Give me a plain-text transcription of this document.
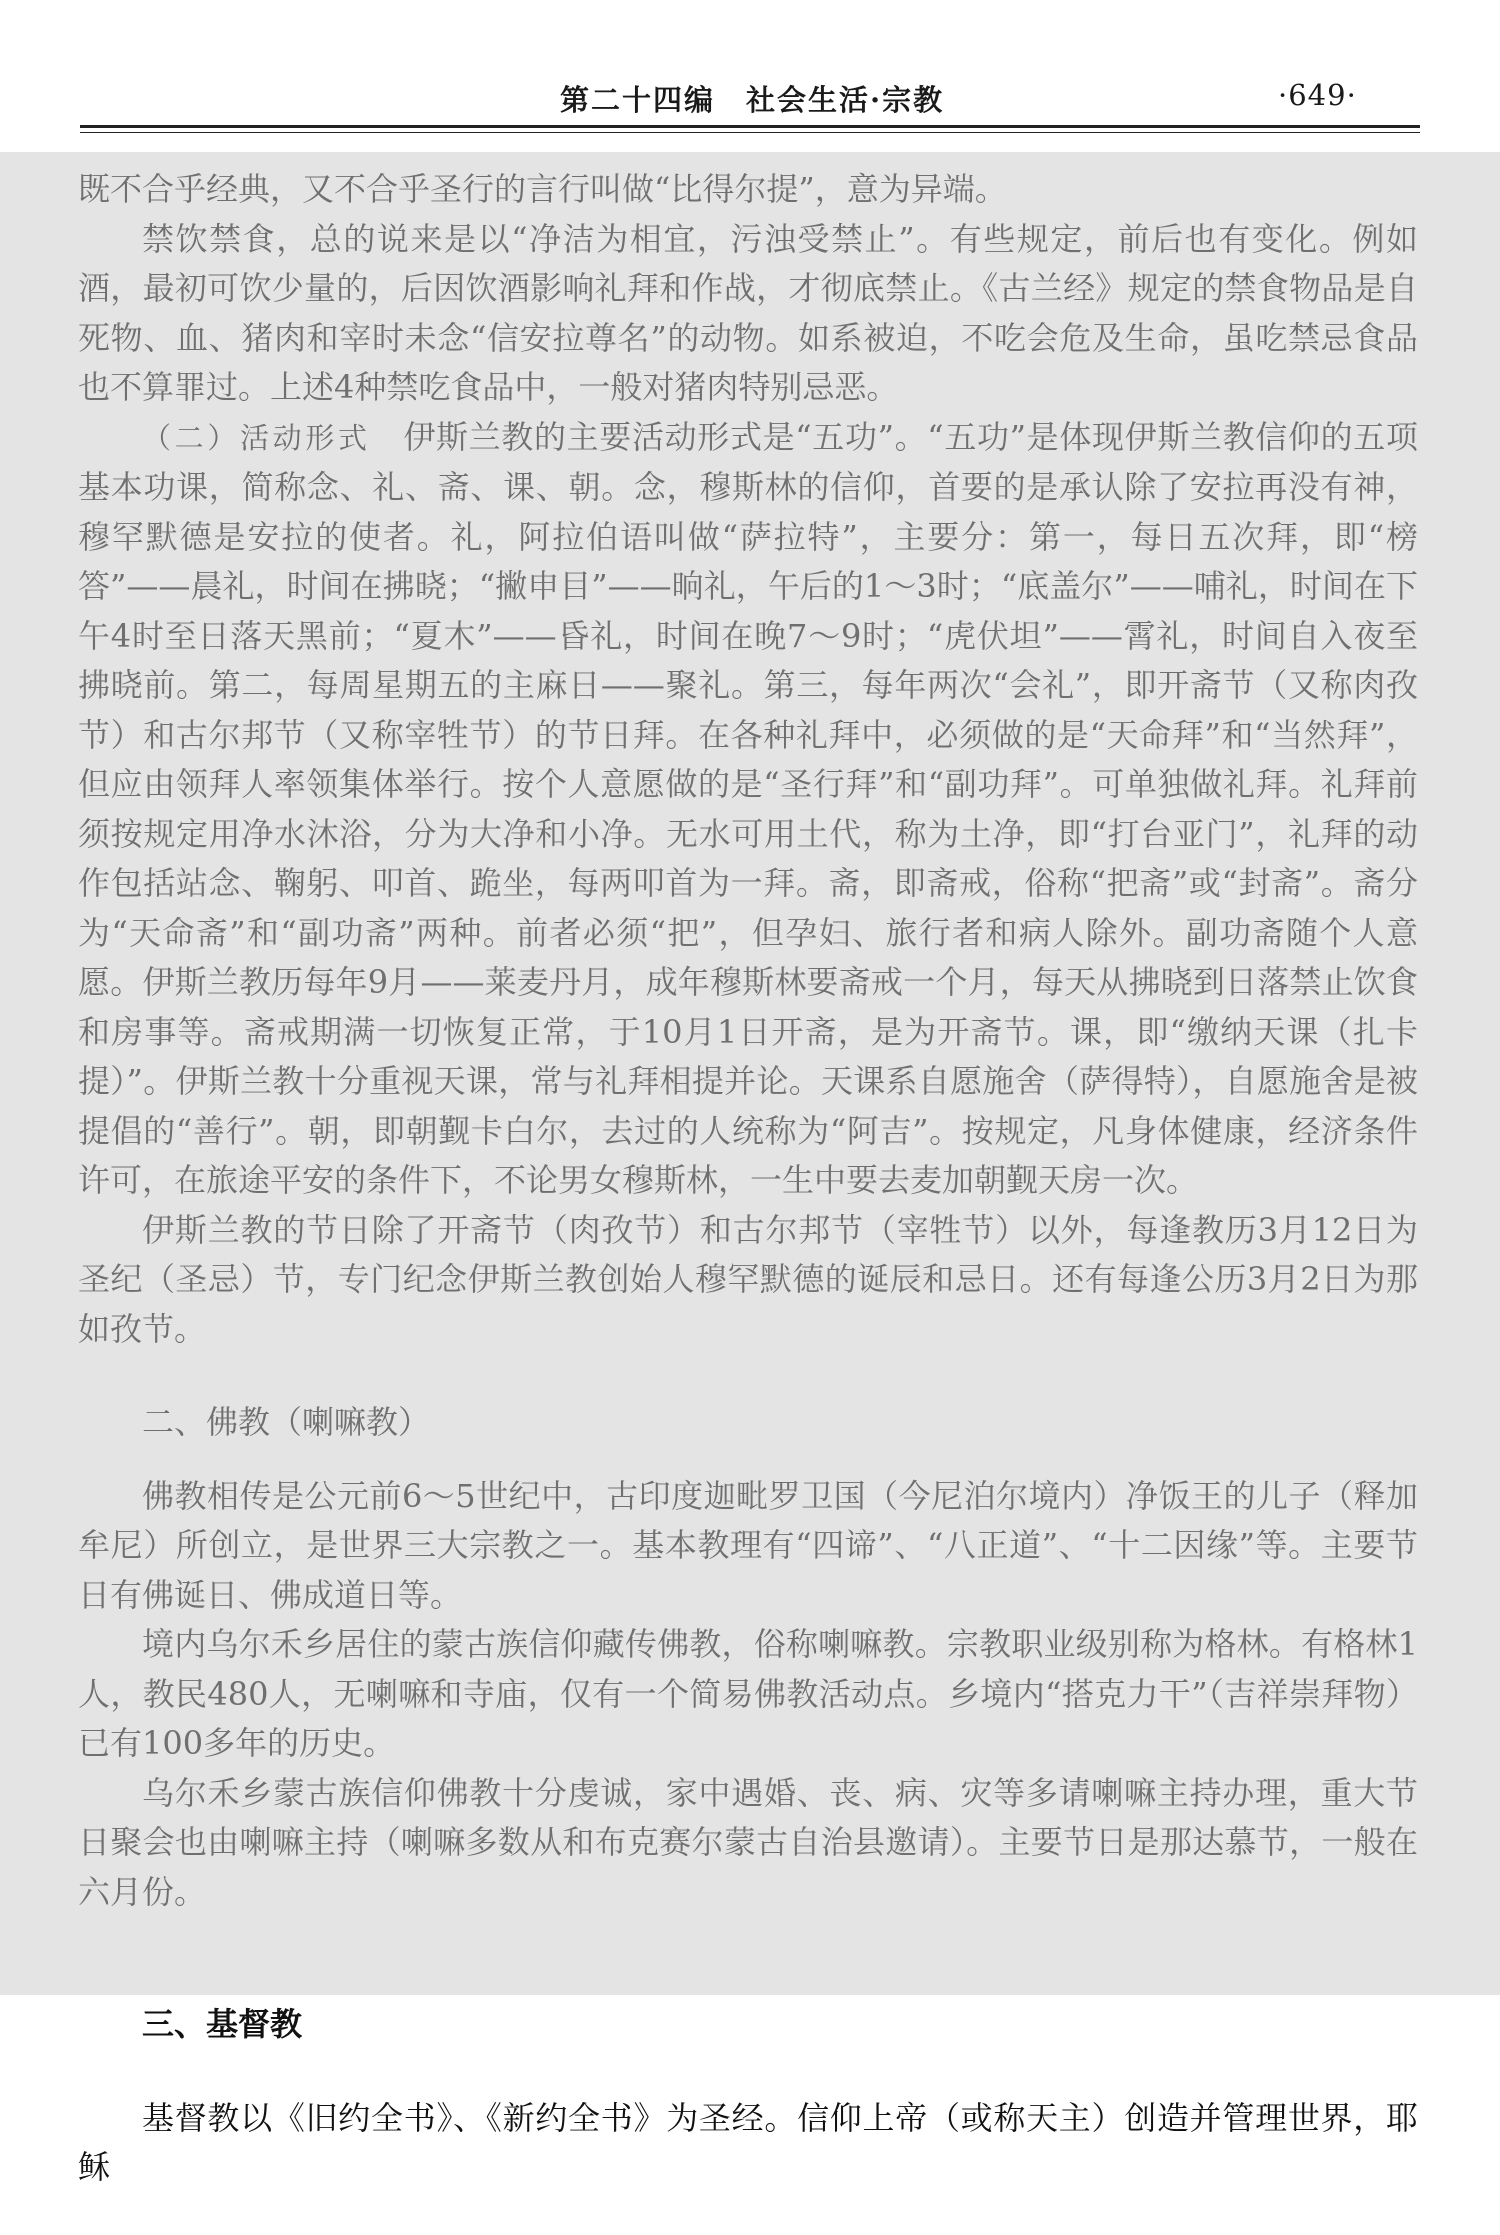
第二十四编　社会生活·宗教	·649·

既不合乎经典，又不合乎圣行的言行叫做“比得尔提”，意为异端。

禁饮禁食，总的说来是以“净洁为相宜，污浊受禁止”。有些规定，前后也有变化。例如酒，最初可饮少量的，后因饮酒影响礼拜和作战，才彻底禁止。《古兰经》规定的禁食物品是自死物、血、猪肉和宰时未念“信安拉尊名”的动物。如系被迫，不吃会危及生命，虽吃禁忌食品也不算罪过。上述4种禁吃食品中，一般对猪肉特别忌恶。

（二）活动形式　 伊斯兰教的主要活动形式是“五功”。“五功”是体现伊斯兰教信仰的五项基本功课，简称念、礼、斋、课、朝。念，穆斯林的信仰，首要的是承认除了安拉再没有神，穆罕默德是安拉的使者。礼，阿拉伯语叫做“萨拉特”，主要分：第一，每日五次拜，即“榜答”——晨礼，时间在拂晓；“撇申目”——晌礼，午后的1～3时；“底盖尔”——哺礼，时间在下午4时至日落天黑前；“夏木”——昏礼，时间在晚7～9时；“虎伏坦”——霄礼，时间自入夜至拂晓前。第二，每周星期五的主麻日——聚礼。第三，每年两次“会礼”，即开斋节（又称肉孜节）和古尔邦节（又称宰牲节）的节日拜。在各种礼拜中，必须做的是“天命拜”和“当然拜”，但应由领拜人率领集体举行。按个人意愿做的是“圣行拜”和“副功拜”。可单独做礼拜。礼拜前须按规定用净水沐浴，分为大净和小净。无水可用土代，称为土净，即“打台亚门”，礼拜的动作包括站念、鞠躬、叩首、跪坐，每两叩首为一拜。斋，即斋戒，俗称“把斋”或“封斋”。斋分为“天命斋”和“副功斋”两种。前者必须“把”，但孕妇、旅行者和病人除外。副功斋随个人意愿。伊斯兰教历每年9月——莱麦丹月，成年穆斯林要斋戒一个月，每天从拂晓到日落禁止饮食和房事等。斋戒期满一切恢复正常，于10月1日开斋，是为开斋节。课，即“缴纳天课（扎卡提）”。伊斯兰教十分重视天课，常与礼拜相提并论。天课系自愿施舍（萨得特），自愿施舍是被提倡的“善行”。朝，即朝觐卡白尔，去过的人统称为“阿吉”。按规定，凡身体健康，经济条件许可，在旅途平安的条件下，不论男女穆斯林，一生中要去麦加朝觐天房一次。

伊斯兰教的节日除了开斋节（肉孜节）和古尔邦节（宰牲节）以外，每逢教历3月12日为圣纪（圣忌）节，专门纪念伊斯兰教创始人穆罕默德的诞辰和忌日。还有每逢公历3月2日为那如孜节。

二、佛教（喇嘛教）

佛教相传是公元前6～5世纪中，古印度迦毗罗卫国（今尼泊尔境内）净饭王的儿子（释加牟尼）所创立，是世界三大宗教之一。基本教理有“四谛”、“八正道”、“十二因缘”等。主要节日有佛诞日、佛成道日等。

境内乌尔禾乡居住的蒙古族信仰藏传佛教，俗称喇嘛教。宗教职业级别称为格林。有格林1人，教民480人，无喇嘛和寺庙，仅有一个简易佛教活动点。乡境内“搭克力干”（吉祥崇拜物）已有100多年的历史。

乌尔禾乡蒙古族信仰佛教十分虔诚，家中遇婚、丧、病、灾等多请喇嘛主持办理，重大节日聚会也由喇嘛主持（喇嘛多数从和布克赛尔蒙古自治县邀请）。主要节日是那达慕节，一般在六月份。

三、基督教

基督教以《旧约全书》、《新约全书》为圣经。信仰上帝（或称天主）创造并管理世界，耶稣
